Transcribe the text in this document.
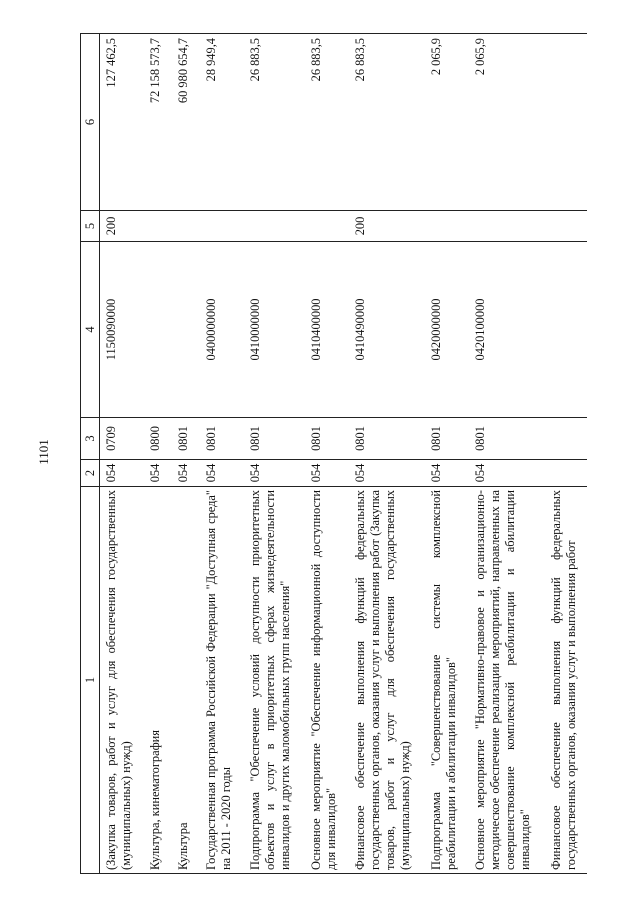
1101
1	2	3	4	5	6
(Закупка товаров, работ и услуг для обеспечения государственных (муниципальных) нужд)	054	0709	1150090000	200	127 462,5
Культура, кинематография	054	0800			72 158 573,7
Культура	054	0801			60 980 654,7
Государственная программа Российской Федерации "Доступная среда" на 2011 - 2020 годы	054	0801	0400000000		28 949,4
Подпрограмма "Обеспечение условий доступности приоритетных объектов и услуг в приоритетных сферах жизнедеятельности инвалидов и других маломобильных групп населения"	054	0801	0410000000		26 883,5
Основное мероприятие "Обеспечение информационной доступности для инвалидов"	054	0801	0410400000		26 883,5
Финансовое обеспечение выполнения функций федеральных государственных органов, оказания услуг и выполнения работ (Закупка товаров, работ и услуг для обеспечения государственных (муниципальных) нужд)	054	0801	0410490000	200	26 883,5
Подпрограмма "Совершенствование системы комплексной реабилитации и абилитации инвалидов"	054	0801	0420000000		2 065,9
Основное мероприятие "Нормативно-правовое и организационно-методическое обеспечение реализации мероприятий, направленных на совершенствование комплексной реабилитации и абилитации инвалидов"	054	0801	0420100000		2 065,9
Финансовое обеспечение выполнения функций федеральных государственных органов, оказания услуг и выполнения работ					
